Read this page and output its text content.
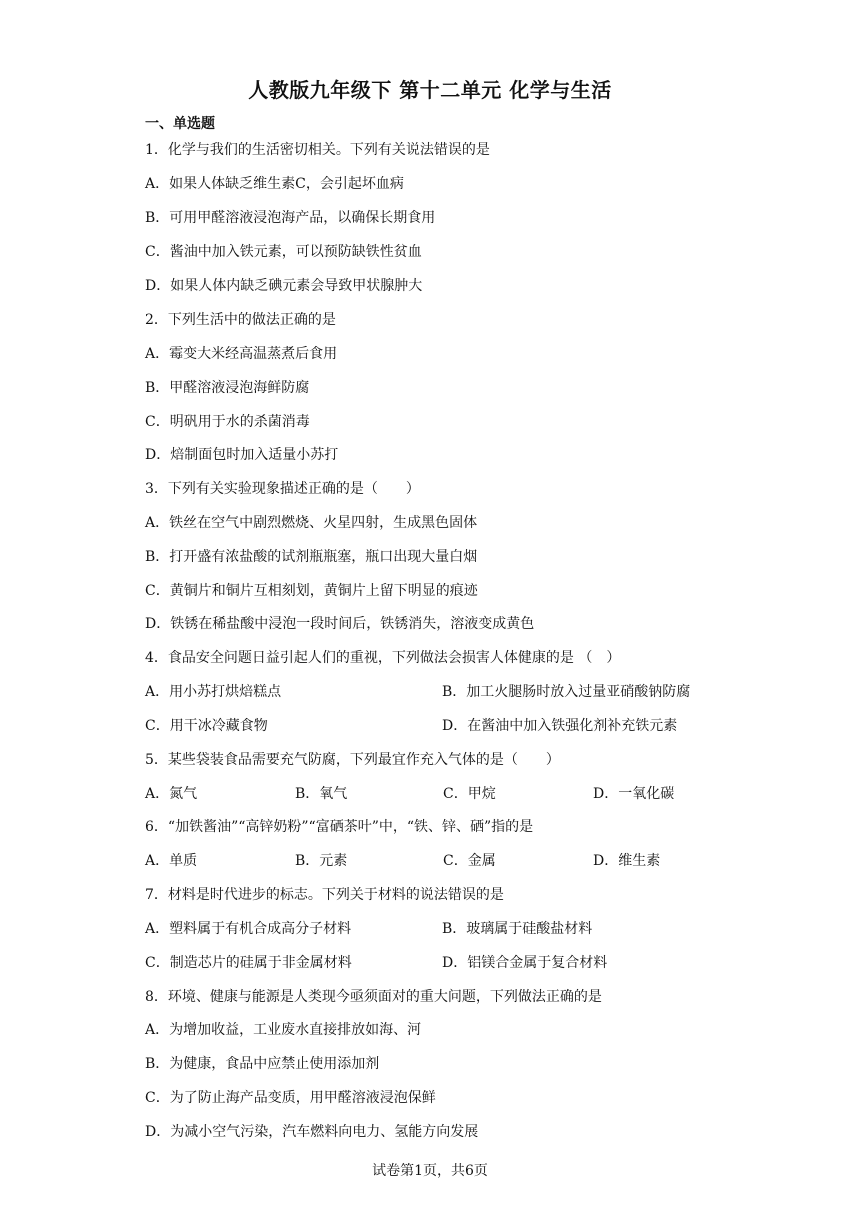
人教版九年级下 第十二单元 化学与生活
一、单选题
1．化学与我们的生活密切相关。下列有关说法错误的是
A．如果人体缺乏维生素C，会引起坏血病
B．可用甲醛溶液浸泡海产品，以确保长期食用
C．酱油中加入铁元素，可以预防缺铁性贫血
D．如果人体内缺乏碘元素会导致甲状腺肿大
2．下列生活中的做法正确的是
A．霉变大米经高温蒸煮后食用
B．甲醛溶液浸泡海鲜防腐
C．明矾用于水的杀菌消毒
D．焙制面包时加入适量小苏打
3．下列有关实验现象描述正确的是（　　）
A．铁丝在空气中剧烈燃烧、火星四射，生成黑色固体
B．打开盛有浓盐酸的试剂瓶瓶塞，瓶口出现大量白烟
C．黄铜片和铜片互相刻划，黄铜片上留下明显的痕迹
D．铁锈在稀盐酸中浸泡一段时间后，铁锈消失，溶液变成黄色
4．食品安全问题日益引起人们的重视，下列做法会损害人体健康的是 （　）
A．用小苏打烘焙糕点	B．加工火腿肠时放入过量亚硝酸钠防腐
C．用干冰冷藏食物	D．在酱油中加入铁强化剂补充铁元素
5．某些袋装食品需要充气防腐，下列最宜作充入气体的是（　　）
A．氮气	B．氧气	C．甲烷	D．一氧化碳
6．“加铁酱油”“高锌奶粉”“富硒茶叶”中，“铁、锌、硒”指的是
A．单质	B．元素	C．金属	D．维生素
7．材料是时代进步的标志。下列关于材料的说法错误的是
A．塑料属于有机合成高分子材料	B．玻璃属于硅酸盐材料
C．制造芯片的硅属于非金属材料	D．铝镁合金属于复合材料
8．环境、健康与能源是人类现今亟须面对的重大问题，下列做法正确的是
A．为增加收益，工业废水直接排放如海、河
B．为健康，食品中应禁止使用添加剂
C．为了防止海产品变质，用甲醛溶液浸泡保鲜
D．为减小空气污染，汽车燃料向电力、氢能方向发展
试卷第1页，共6页
